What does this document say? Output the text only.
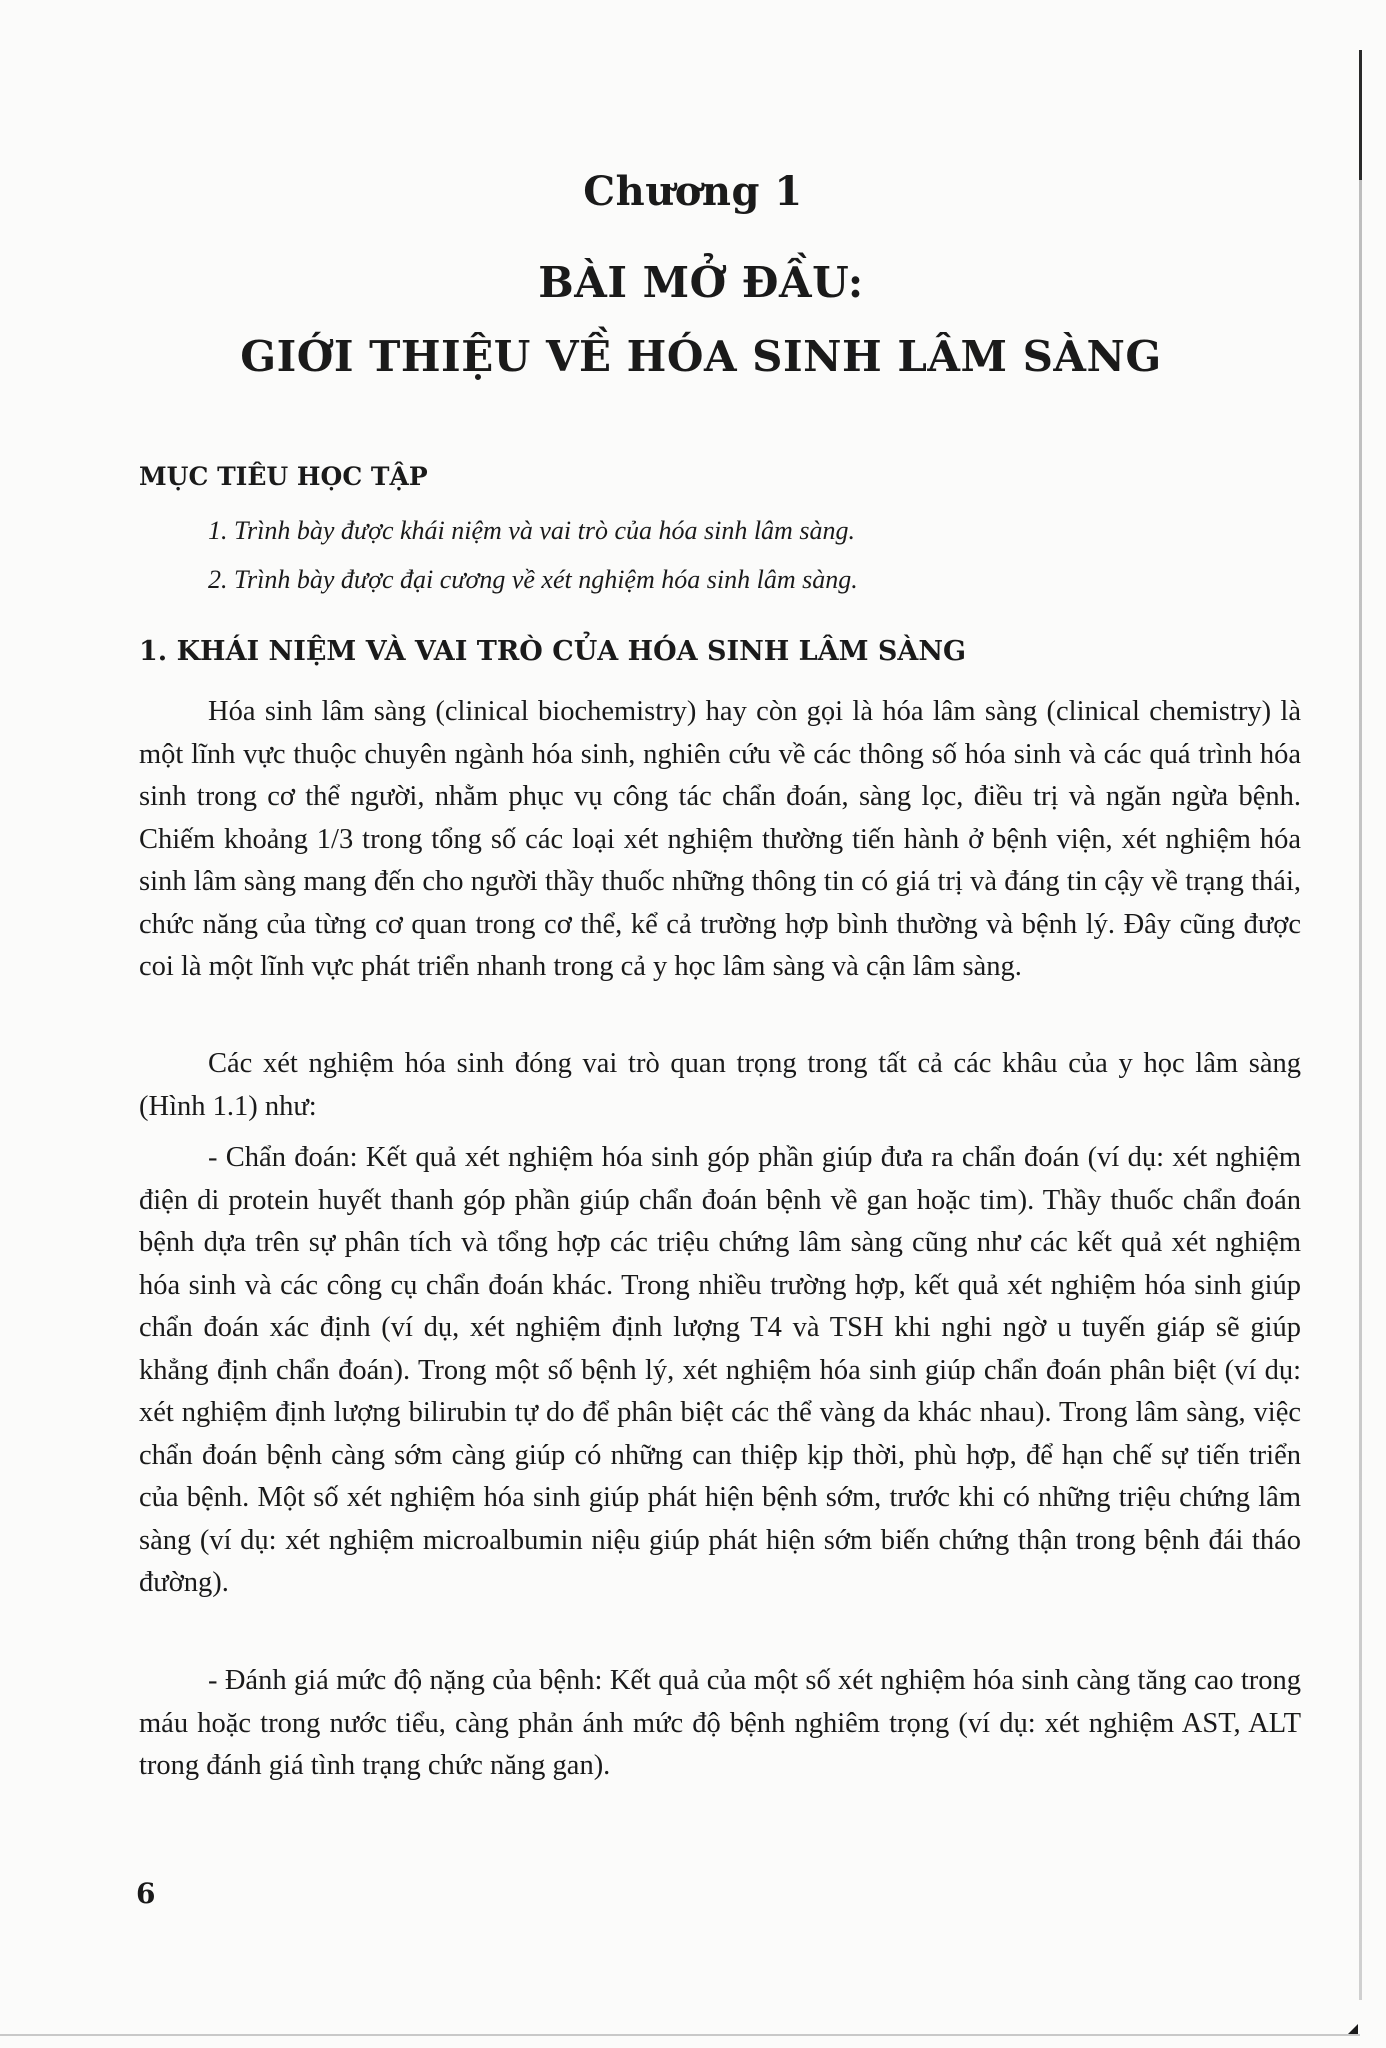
Chương 1
BÀI MỞ ĐẦU:
GIỚI THIỆU VỀ HÓA SINH LÂM SÀNG
MỤC TIÊU HỌC TẬP
1. Trình bày được khái niệm và vai trò của hóa sinh lâm sàng.
2. Trình bày được đại cương về xét nghiệm hóa sinh lâm sàng.
1. KHÁI NIỆM VÀ VAI TRÒ CỦA HÓA SINH LÂM SÀNG

Hóa sinh lâm sàng (clinical biochemistry) hay còn gọi là hóa lâm sàng (clinical chemistry) là một lĩnh vực thuộc chuyên ngành hóa sinh, nghiên cứu về các thông số hóa sinh và các quá trình hóa sinh trong cơ thể người, nhằm phục vụ công tác chẩn đoán, sàng lọc, điều trị và ngăn ngừa bệnh. Chiếm khoảng 1/3 trong tổng số các loại xét nghiệm thường tiến hành ở bệnh viện, xét nghiệm hóa sinh lâm sàng mang đến cho người thầy thuốc những thông tin có giá trị và đáng tin cậy về trạng thái, chức năng của từng cơ quan trong cơ thể, kể cả trường hợp bình thường và bệnh lý. Đây cũng được coi là một lĩnh vực phát triển nhanh trong cả y học lâm sàng và cận lâm sàng.

Các xét nghiệm hóa sinh đóng vai trò quan trọng trong tất cả các khâu của y học lâm sàng (Hình 1.1) như:

- Chẩn đoán: Kết quả xét nghiệm hóa sinh góp phần giúp đưa ra chẩn đoán (ví dụ: xét nghiệm điện di protein huyết thanh góp phần giúp chẩn đoán bệnh về gan hoặc tim). Thầy thuốc chẩn đoán bệnh dựa trên sự phân tích và tổng hợp các triệu chứng lâm sàng cũng như các kết quả xét nghiệm hóa sinh và các công cụ chẩn đoán khác. Trong nhiều trường hợp, kết quả xét nghiệm hóa sinh giúp chẩn đoán xác định (ví dụ, xét nghiệm định lượng T4 và TSH khi nghi ngờ u tuyến giáp sẽ giúp khẳng định chẩn đoán). Trong một số bệnh lý, xét nghiệm hóa sinh giúp chẩn đoán phân biệt (ví dụ: xét nghiệm định lượng bilirubin tự do để phân biệt các thể vàng da khác nhau). Trong lâm sàng, việc chẩn đoán bệnh càng sớm càng giúp có những can thiệp kịp thời, phù hợp, để hạn chế sự tiến triển của bệnh. Một số xét nghiệm hóa sinh giúp phát hiện bệnh sớm, trước khi có những triệu chứng lâm sàng (ví dụ: xét nghiệm microalbumin niệu giúp phát hiện sớm biến chứng thận trong bệnh đái tháo đường).

- Đánh giá mức độ nặng của bệnh: Kết quả của một số xét nghiệm hóa sinh càng tăng cao trong máu hoặc trong nước tiểu, càng phản ánh mức độ bệnh nghiêm trọng (ví dụ: xét nghiệm AST, ALT trong đánh giá tình trạng chức năng gan).

6
